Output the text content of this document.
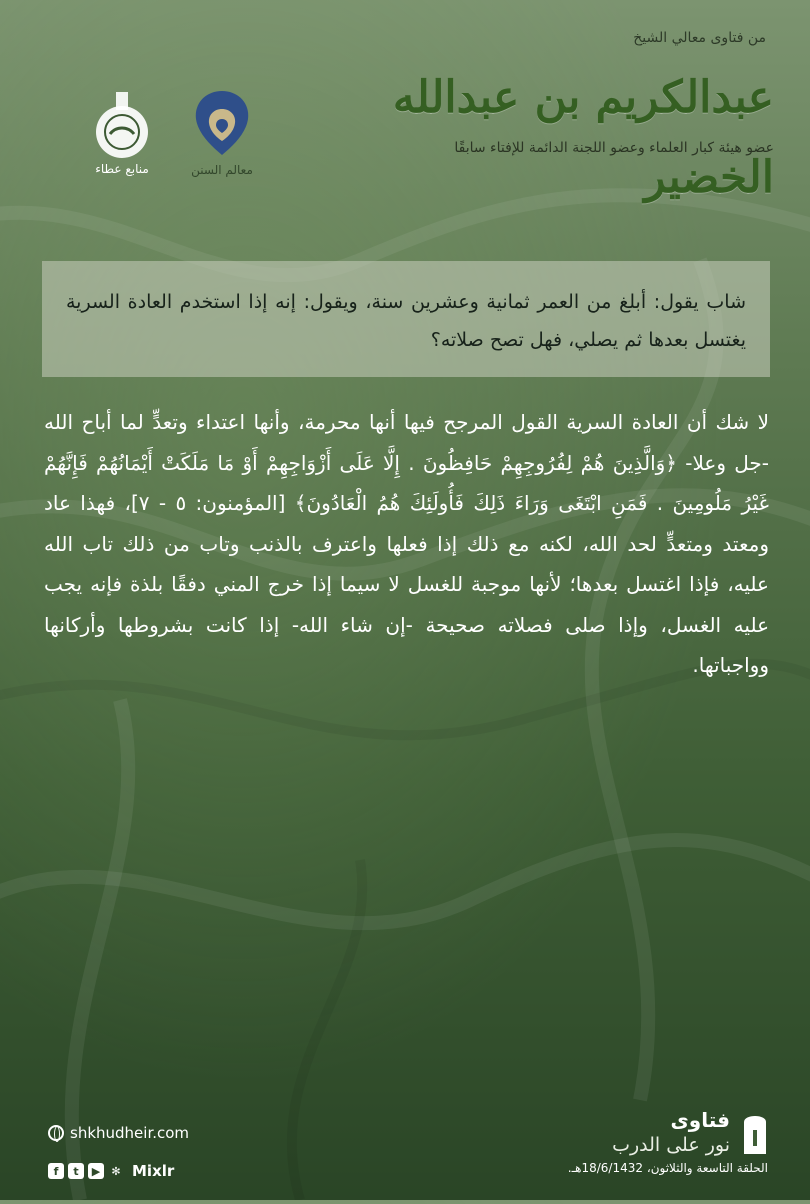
من فتاوى معالي الشيخ
عبدالكريم بن عبدالله الخضير
عضو هيئة كبار العلماء وعضو اللجنة الدائمة للإفتاء سابقًا
معالم السنن
منابع عطاء

شاب يقول: أبلغ من العمر ثمانية وعشرين سنة، ويقول: إنه إذا استخدم العادة السرية يغتسل بعدها ثم يصلي، فهل تصح صلاته؟

لا شك أن العادة السرية القول المرجح فيها أنها محرمة، وأنها اعتداء وتعدٍّ لما أباح الله -جل وعلا- ﴿وَالَّذِينَ هُمْ لِفُرُوجِهِمْ حَافِظُونَ . إِلَّا عَلَى أَزْوَاجِهِمْ أَوْ مَا مَلَكَتْ أَيْمَانُهُمْ فَإِنَّهُمْ غَيْرُ مَلُومِينَ . فَمَنِ ابْتَغَى وَرَاءَ ذَلِكَ فَأُولَئِكَ هُمُ الْعَادُونَ﴾ [المؤمنون: ٥ - ٧]، فهذا عاد ومعتد ومتعدٍّ لحد الله، لكنه مع ذلك إذا فعلها واعترف بالذنب وتاب من ذلك تاب الله عليه، فإذا اغتسل بعدها؛ لأنها موجبة للغسل لا سيما إذا خرج المني دفقًا بلذة فإنه يجب عليه الغسل، وإذا صلى فصلاته صحيحة -إن شاء الله- إذا كانت بشروطها وأركانها وواجباتها.
shkhudheir.com
f	t	▶	✻ Mixlr
فتاوى
نور على الدرب
الحلقة التاسعة والثلاثون، 18/6/1432هـ.
